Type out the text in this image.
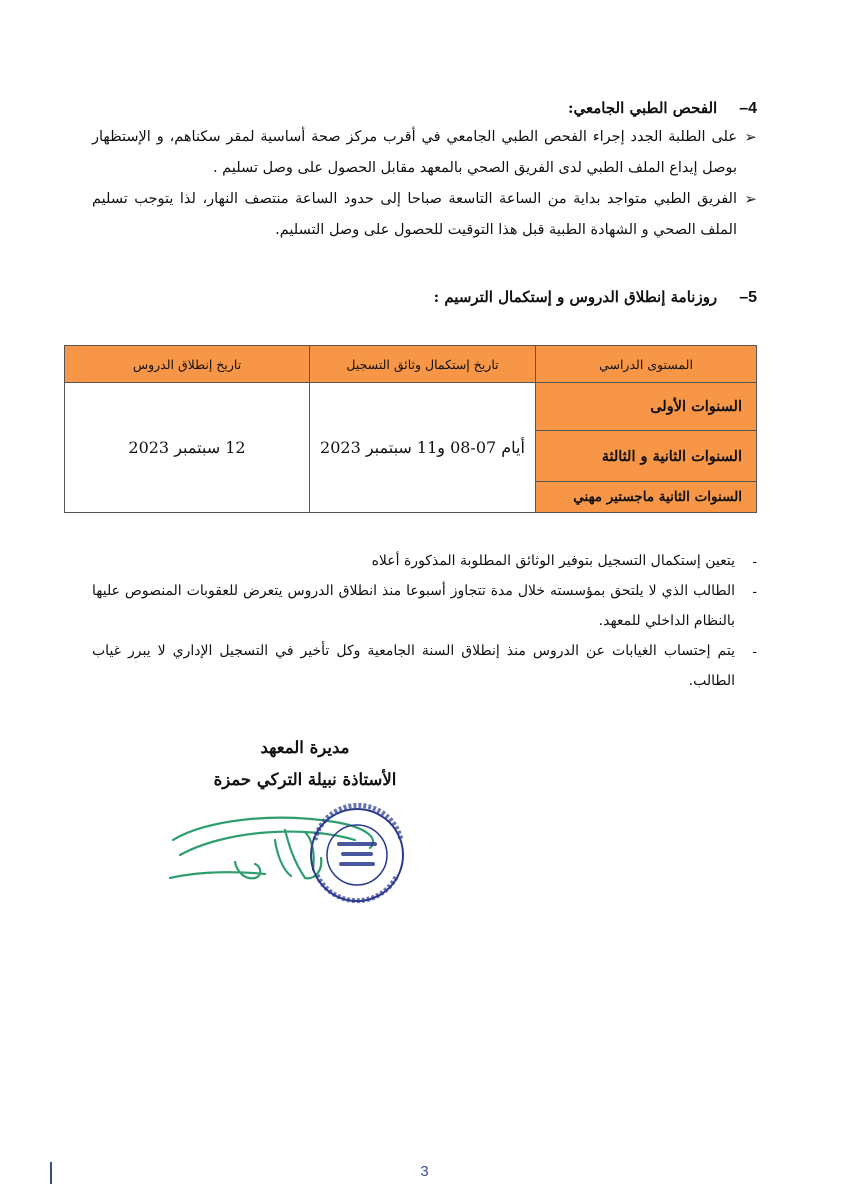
4–الفحص الطبي الجامعي:
➢
على الطلبة الجدد إجراء الفحص الطبي الجامعي في أقرب مركز صحة أساسية لمقر سكناهم، و الإستظهار بوصل إيداع الملف الطبي لدى الفريق الصحي بالمعهد مقابل الحصول على وصل تسليم .
➢
الفريق الطبي متواجد بداية من الساعة التاسعة صباحا إلى حدود الساعة منتصف النهار، لذا يتوجب تسليم الملف الصحي و الشهادة الطبية قبل هذا التوقيت للحصول على وصل التسليم.
5–روزنامة إنطلاق الدروس و إستكمال الترسيم :
المستوى الدراسي	تاريخ إستكمال وثائق التسجيل	تاريخ إنطلاق الدروس
السنوات الأولى	أيام 07-08 و11 سبتمبر 2023	12 سبتمبر 2023
السنوات الثانية و الثالثة		
السنوات الثانية ماجستير مهني		
-
يتعين إستكمال التسجيل بتوفير الوثائق المطلوبة المذكورة أعلاه
-
الطالب الذي لا يلتحق بمؤسسته خلال مدة تتجاوز أسبوعا منذ انطلاق الدروس يتعرض للعقوبات المنصوص عليها بالنظام الداخلي للمعهد.
-
يتم إحتساب الغيابات عن الدروس منذ إنطلاق السنة الجامعية وكل تأخير في التسجيل الإداري لا يبرر غياب الطالب.
مديرة المعهد
الأستاذة نبيلة التركي حمزة
3
